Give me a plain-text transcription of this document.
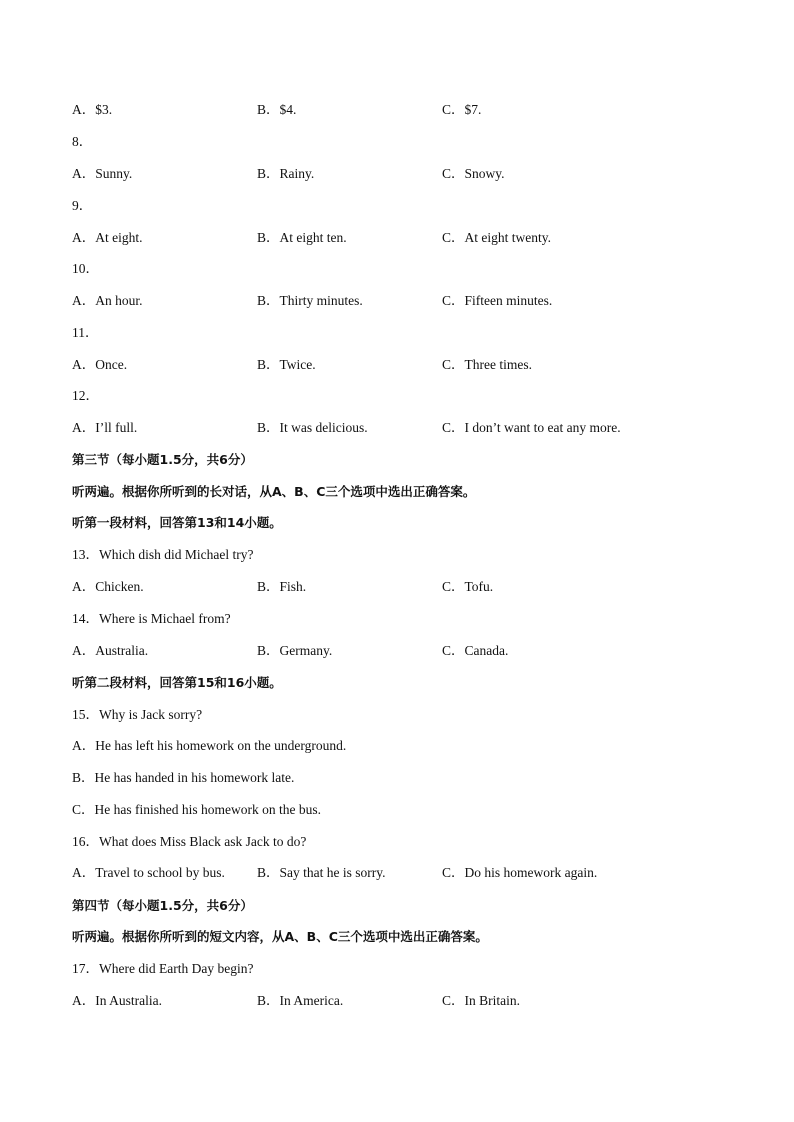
A．$3.	B．$4.	C．$7.
8．
A．Sunny.	B．Rainy.	C．Snowy.
9．
A．At eight.	B．At eight ten.	C．At eight twenty.
10．
A．An hour.	B．Thirty minutes.	C．Fifteen minutes.
11．
A．Once.	B．Twice.	C．Three times.
12．
A．I’ll full.	B．It was delicious.	C．I don’t want to eat any more.
第三节（每小题1.5分，共6分）
听两遍。根据你所听到的长对话，从A、B、C三个选项中选出正确答案。
听第一段材料，回答第13和14小题。
13．Which dish did Michael try?
A．Chicken.	B．Fish.	C．Tofu.
14．Where is Michael from?
A．Australia.	B．Germany.	C．Canada.
听第二段材料，回答第15和16小题。
15．Why is Jack sorry?
A．He has left his homework on the underground.
B．He has handed in his homework late.
C．He has finished his homework on the bus.
16．What does Miss Black ask Jack to do?
A．Travel to school by bus. B．Say that he is sorry.	C．Do his homework again.
第四节（每小题1.5分，共6分）
听两遍。根据你所听到的短文内容，从A、B、C三个选项中选出正确答案。
17．Where did Earth Day begin?
A．In Australia.	B．In America.	C．In Britain.
